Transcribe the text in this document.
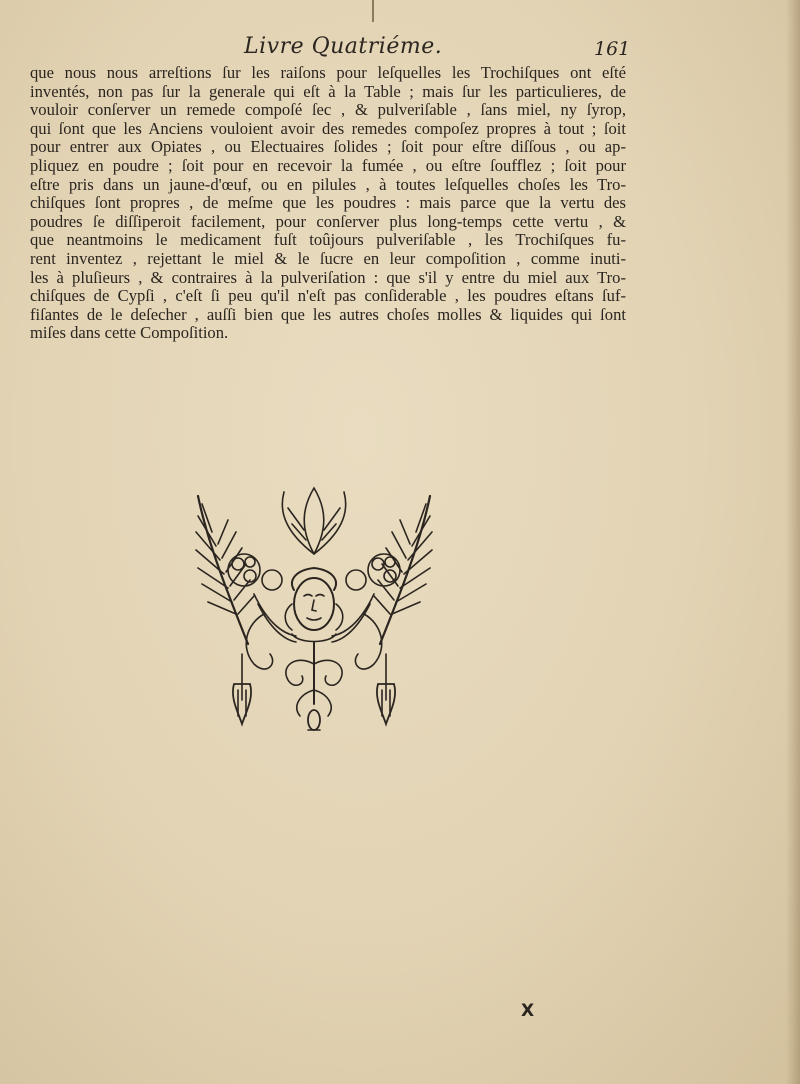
Livre Quatriéme.	161
que nous nous arreſtions ſur les raiſons pour leſquelles les Trochiſques ont eſté
inventés, non pas ſur la generale qui eſt à la Table ; mais ſur les particulieres, de
vouloir conſerver un remede compoſé ſec , & pulveriſable , ſans miel, ny ſyrop,
qui ſont que les Anciens vouloient avoir des remedes compoſez propres à tout ; ſoit
pour entrer aux Opiates , ou Electuaires ſolides ; ſoit pour eſtre diſſous , ou ap-
pliquez en poudre ; ſoit pour en recevoir la fumée , ou eſtre ſoufflez ; ſoit pour
eſtre pris dans un jaune-d'œuf, ou en pilules , à toutes leſquelles choſes les Tro-
chiſques ſont propres , de meſme que les poudres : mais parce que la vertu des
poudres ſe diſſiperoit facilement, pour conſerver plus long-temps cette vertu , &
que neantmoins le medicament fuſt toûjours pulveriſable , les Trochiſques fu-
rent inventez , rejettant le miel & le ſucre en leur compoſition , comme inuti-
les à pluſieurs , & contraires à la pulveriſation : que s'il y entre du miel aux Tro-
chiſques de Cypſi , c'eſt ſi peu qu'il n'eſt pas conſiderable , les poudres eſtans ſuf-
fiſantes de le deſecher , auſſi bien que les autres choſes molles & liquides qui ſont
miſes dans cette Compoſition.
X
